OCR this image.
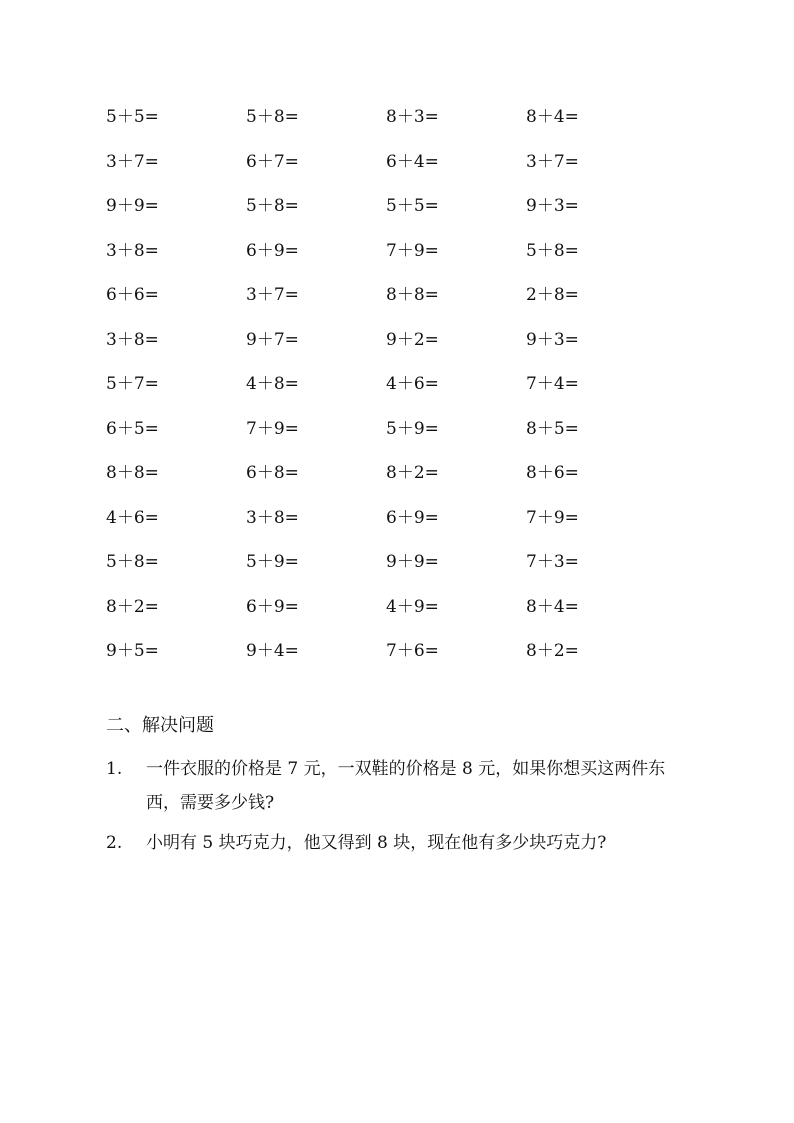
5＋5=	5＋8=	8＋3=	8＋4=
3＋7=	6＋7=	6＋4=	3＋7=
9＋9=	5＋8=	5＋5=	9＋3=
3＋8=	6＋9=	7＋9=	5＋8=
6＋6=	3＋7=	8＋8=	2＋8=
3＋8=	9＋7=	9＋2=	9＋3=
5＋7=	4＋8=	4＋6=	7＋4=
6＋5=	7＋9=	5＋9=	8＋5=
8＋8=	6＋8=	8＋2=	8＋6=
4＋6=	3＋8=	6＋9=	7＋9=
5＋8=	5＋9=	9＋9=	7＋3=
8＋2=	6＋9=	4＋9=	8＋4=
9＋5=	9＋4=	7＋6=	8＋2=
二、解决问题
1.	一件衣服的价格是 7 元，一双鞋的价格是 8 元，如果你想买这两件东西，需要多少钱?
2.	小明有 5 块巧克力，他又得到 8 块，现在他有多少块巧克力?
